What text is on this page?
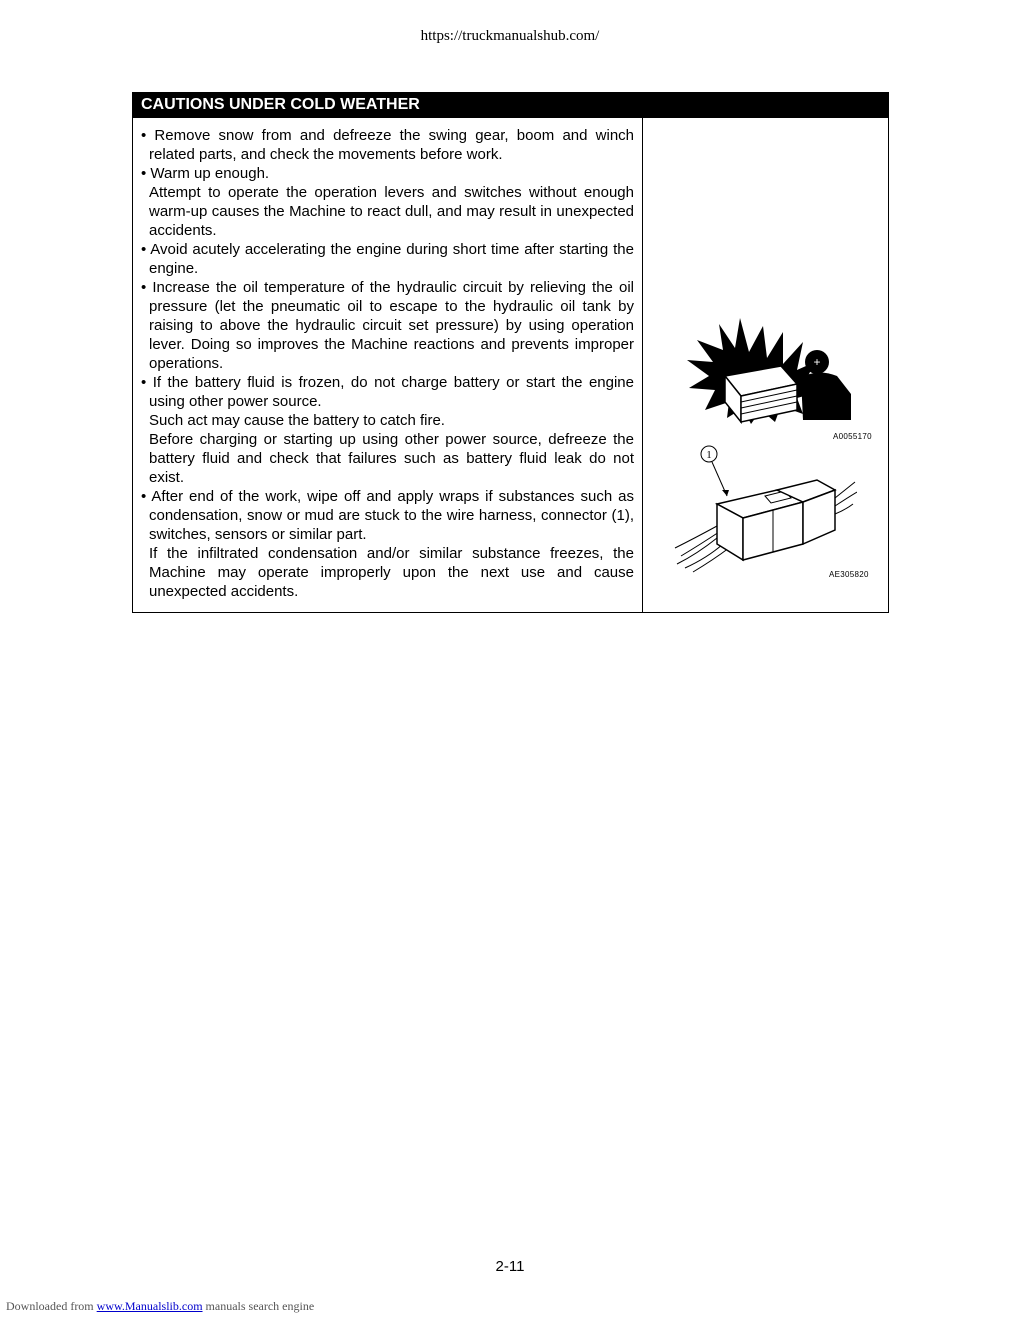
https://truckmanualshub.com/
CAUTIONS UNDER COLD WEATHER

• Remove snow from and defreeze the swing gear, boom and winch related parts, and check the movements before work.

• Warm up enough.

Attempt to operate the operation levers and switches without enough warm-up causes the Machine to react dull, and may result in unexpected accidents.

• Avoid acutely accelerating the engine during short time after starting the engine.

• Increase the oil temperature of the hydraulic circuit by relieving the oil pressure (let the pneumatic oil to escape to the hydraulic oil tank by raising to above the hydraulic circuit set pressure) by using operation lever. Doing so improves the Machine reactions and prevents improper operations.

• If the battery fluid is frozen, do not charge battery or start the engine using other power source.

Such act may cause the battery to catch fire.

Before charging or starting up using other power source, defreeze the battery fluid and check that failures such as battery fluid leak do not exist.

• After end of the work, wipe off and apply wraps if substances such as condensation, snow or mud are stuck to the wire harness, connector (1), switches, sensors or similar part.

If the infiltrated condensation and/or similar substance freezes, the Machine may operate improperly upon the next use and cause unexpected accidents.

+
A0055170
1
AE305820
2-11
Downloaded from www.Manualslib.com manuals search engine
